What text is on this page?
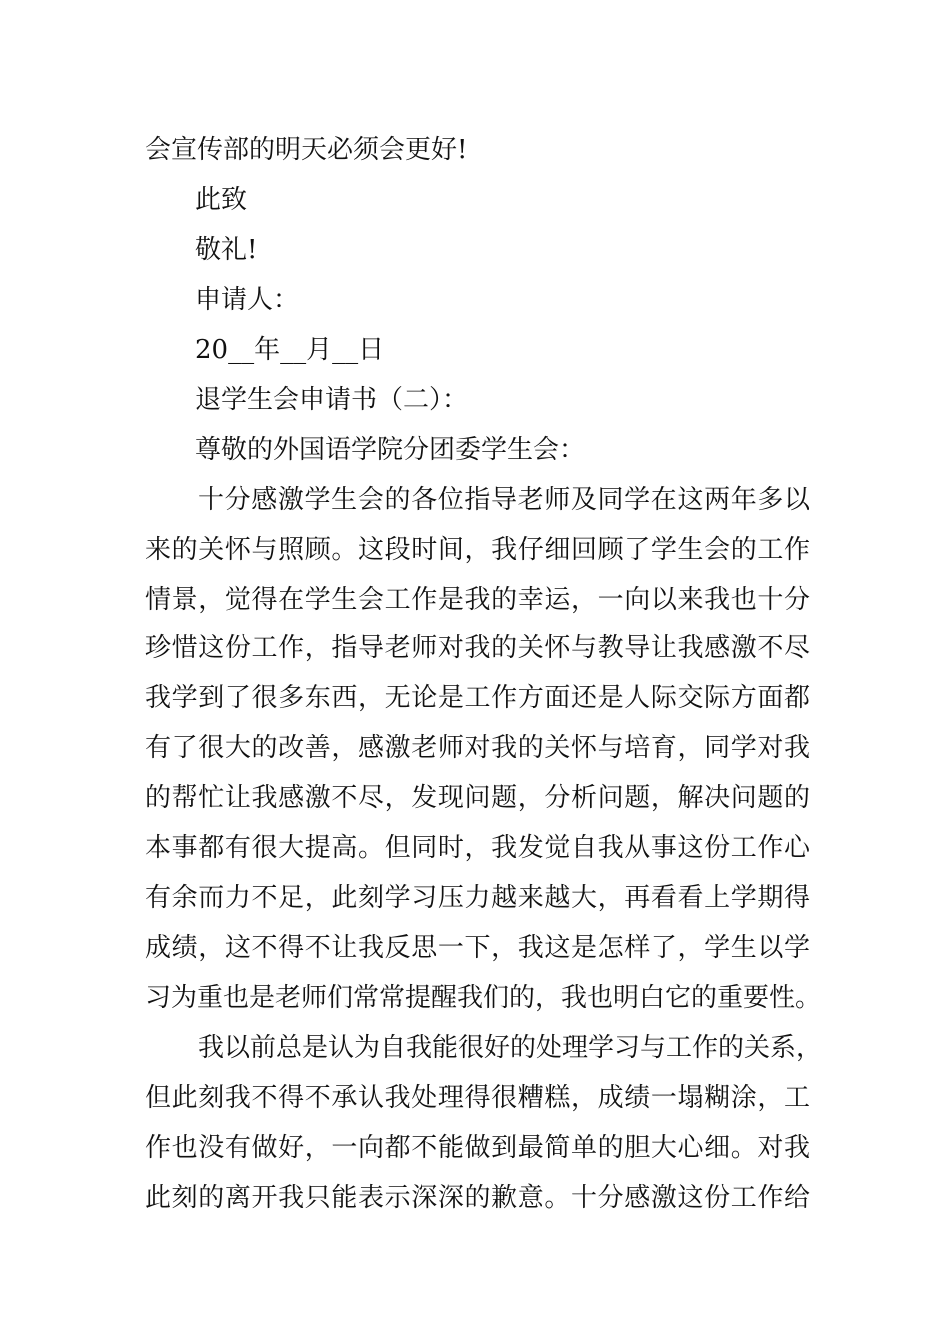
会宣传部的明天必须会更好!

此致

敬礼!

申请人：

20__年__月__日

退学生会申请书（二）：

尊敬的外国语学院分团委学生会：

十分感激学生会的各位指导老师及同学在这两年多以

来的关怀与照顾。这段时间，我仔细回顾了学生会的工作

情景，觉得在学生会工作是我的幸运，一向以来我也十分

珍惜这份工作，指导老师对我的关怀与教导让我感激不尽

我学到了很多东西，无论是工作方面还是人际交际方面都

有了很大的改善，感激老师对我的关怀与培育，同学对我

的帮忙让我感激不尽，发现问题，分析问题，解决问题的

本事都有很大提高。但同时，我发觉自我从事这份工作心

有余而力不足，此刻学习压力越来越大，再看看上学期得

成绩，这不得不让我反思一下，我这是怎样了，学生以学

习为重也是老师们常常提醒我们的，我也明白它的重要性。

我以前总是认为自我能很好的处理学习与工作的关系，

但此刻我不得不承认我处理得很糟糕，成绩一塌糊涂，工

作也没有做好，一向都不能做到最简单的胆大心细。对我

此刻的离开我只能表示深深的歉意。十分感激这份工作给
